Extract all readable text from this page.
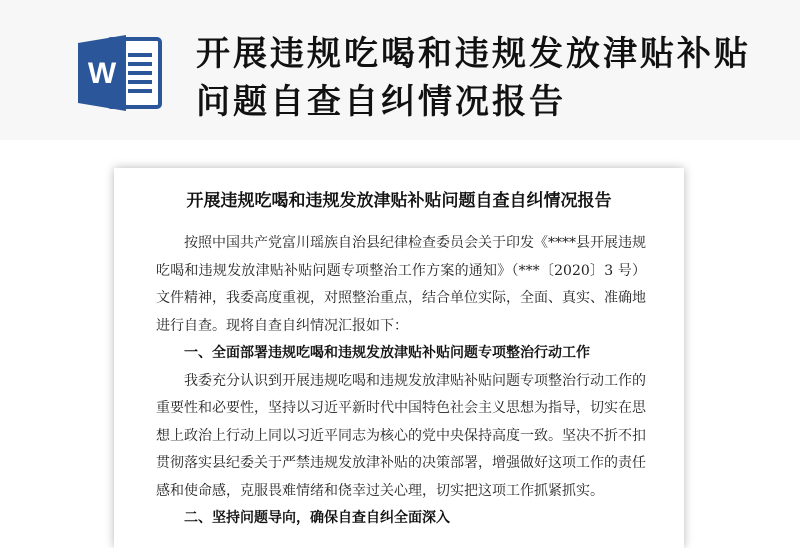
W 开展违规吃喝和违规发放津贴补贴问题自查自纠情况报告
开展违规吃喝和违规发放津贴补贴问题自查自纠情况报告

按照中国共产党富川瑶族自治县纪律检查委员会关于印发《****县开展违规吃喝和违规发放津贴补贴问题专项整治工作方案的通知》（***〔2020〕3 号）文件精神，我委高度重视，对照整治重点，结合单位实际，全面、真实、准确地进行自查。现将自查自纠情况汇报如下：

一、全面部署违规吃喝和违规发放津贴补贴问题专项整治行动工作

我委充分认识到开展违规吃喝和违规发放津贴补贴问题专项整治行动工作的重要性和必要性，坚持以习近平新时代中国特色社会主义思想为指导，切实在思想上政治上行动上同以习近平同志为核心的党中央保持高度一致。坚决不折不扣贯彻落实县纪委关于严禁违规发放津补贴的决策部署，增强做好这项工作的责任感和使命感，克服畏难情绪和侥幸过关心理，切实把这项工作抓紧抓实。

二、坚持问题导向，确保自查自纠全面深入
